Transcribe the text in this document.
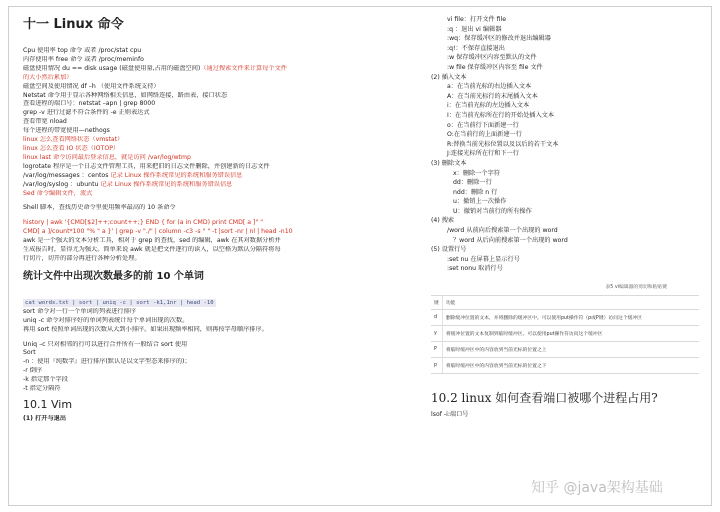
十一 Linux 命令
Cpu 使用率 top 命令 或者 /proc/stat cpu
内存使用率 free 命令 或者 /proc/meminfo
磁盘使用情况 du == disk usage (磁盘使用量,占用的磁盘空间)（通过搜索文件来计算每个文件
的大小然后累加）
磁盘空间及使用情况 df –h （使用文件系统支持）
Netstat 命令用于显示各种网络相关信息，如网络连接，路由表，接口状态
查看进程的端口号：netstat –apn | grep 8000
grep -v 进行过滤不符合条件的 -e 正则表达式
查看带宽 nload
每个进程的带宽使用—nethogs
linux 怎么查看网络状态（vmstat）
linux 怎么查看 IO 状态（IOTOP）
linux last 命令访问最后登录信息，就是访问 /var/log/wtmp
logrotate 程序是一个日志文件管理工具，用来把旧的日志文件删除，并创建新的日志文件
/var/log/messages ：centos 记录 Linux 操作系统常见的系统和服务错误信息
/var/log/syslog ：ubuntu 记录 Linux 操作系统常见的系统和服务错误信息
Sed 命令编辑文件，流式
Shell 脚本，查找历史命令里使用频率最高的 10 条命令
history | awk '{CMD[$2]++;count++;} END { for (a in CMD) print CMD[ a ]" "
CMD[ a ]/count*100 "% " a }' | grep -v "./" | column -c3 -s " " -t |sort -nr | nl | head -n10
awk 是一个强大的文本分析工具，相对于 grep 的查找，sed 的编辑，awk 在其对数据分析并
生成报告时，显得尤为强大。简单来说 awk 就是把文件逐行的读入，以空格为默认分隔符将每
行切片，切开的部分再进行各种分析处理。
统计文件中出现次数最多的前 10 个单词
cat words.txt | sort | uniq -c | sort -k1,1nr | head -10
sort 命令对一行一个单词的列表进行排序
uniq -c 命令对排序好的单词列表统计每个单词出现的次数。
再用 sort 按照单词出现的次数从大到小排序。如果出现频率相同，则再按字母顺序排序。
Uniq –c 只对相邻的行可以进行合并所有一般结合 sort 使用
Sort
-n ：使用『纯数字』进行排序(默认是以文字型态来排序的)；
-r 倒序
-k 指定那个字段
-t 指定分隔符
10.1 Vim
(1) 打开与退出
vi file：打开文件 file
:q ：退出 vi 编辑器
:wq：保存缓冲区的修改并退出编辑器
:q!：不保存直接退出
:w 保存缓冲区内容至默认的文件
:w file 保存缓冲区内容至 file 文件
(2) 插入文本
a：在当前光标的右边插入文本
A：在当前光标行的末尾插入文本
i：在当前光标的左边插入文本
I：在当前光标所在行的开始处插入文本
o：在当前行下面新建一行
O:在当前行的上面新建一行
R:替换当前光标位置以及以后的若干文本
J:连接光标所在行和下一行
(3) 删除文本
x：删除一个字符
dd：删除一行
ndd：删除 n 行
u：撤销上一次操作
U：撤销对当前行的所有操作
(4) 搜索
/word 从前向后搜索第一个出现的 word
？word 从后向前搜索第一个出现的 word
(5) 设置行号
:set nu 在屏幕上显示行号
:set nonu 取消行号
表5 vi编辑器的剪切和粘贴键
键	功能
d	删除缓冲位置的文本，并将删除的缓冲区中。可以使用put操作符（p或P键）访问这个缓冲区
y	将缓冲位置的文本复制到临时缓冲区。可以使用put操作符访问这个缓冲区
P	将临时缓冲区中的内容放到当前光标的位置之上
p	将临时缓冲区中的内容放到当前光标的位置之下
10.2 linux 如何查看端口被哪个进程占用?
lsof -i:端口号
知乎 @java架构基础
